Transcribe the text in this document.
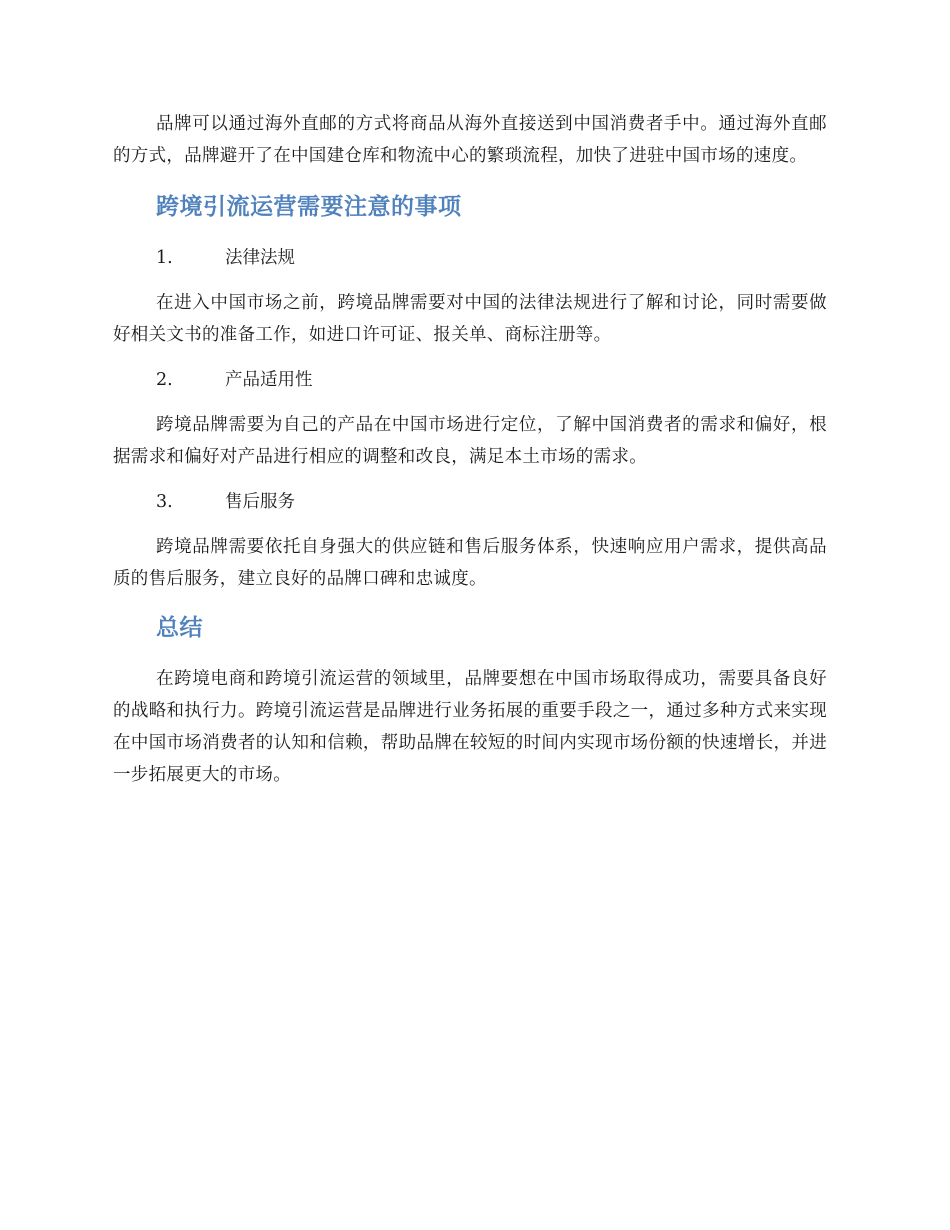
品牌可以通过海外直邮的方式将商品从海外直接送到中国消费者手中。通过海外直邮的方式，品牌避开了在中国建仓库和物流中心的繁琐流程，加快了进驻中国市场的速度。

跨境引流运营需要注意的事项
1.	法律法规

在进入中国市场之前，跨境品牌需要对中国的法律法规进行了解和讨论，同时需要做好相关文书的准备工作，如进口许可证、报关单、商标注册等。

2.	产品适用性

跨境品牌需要为自己的产品在中国市场进行定位，了解中国消费者的需求和偏好，根据需求和偏好对产品进行相应的调整和改良，满足本土市场的需求。

3.	售后服务

跨境品牌需要依托自身强大的供应链和售后服务体系，快速响应用户需求，提供高品质的售后服务，建立良好的品牌口碑和忠诚度。

总结

在跨境电商和跨境引流运营的领域里，品牌要想在中国市场取得成功，需要具备良好的战略和执行力。跨境引流运营是品牌进行业务拓展的重要手段之一，通过多种方式来实现在中国市场消费者的认知和信赖，帮助品牌在较短的时间内实现市场份额的快速增长，并进一步拓展更大的市场。
